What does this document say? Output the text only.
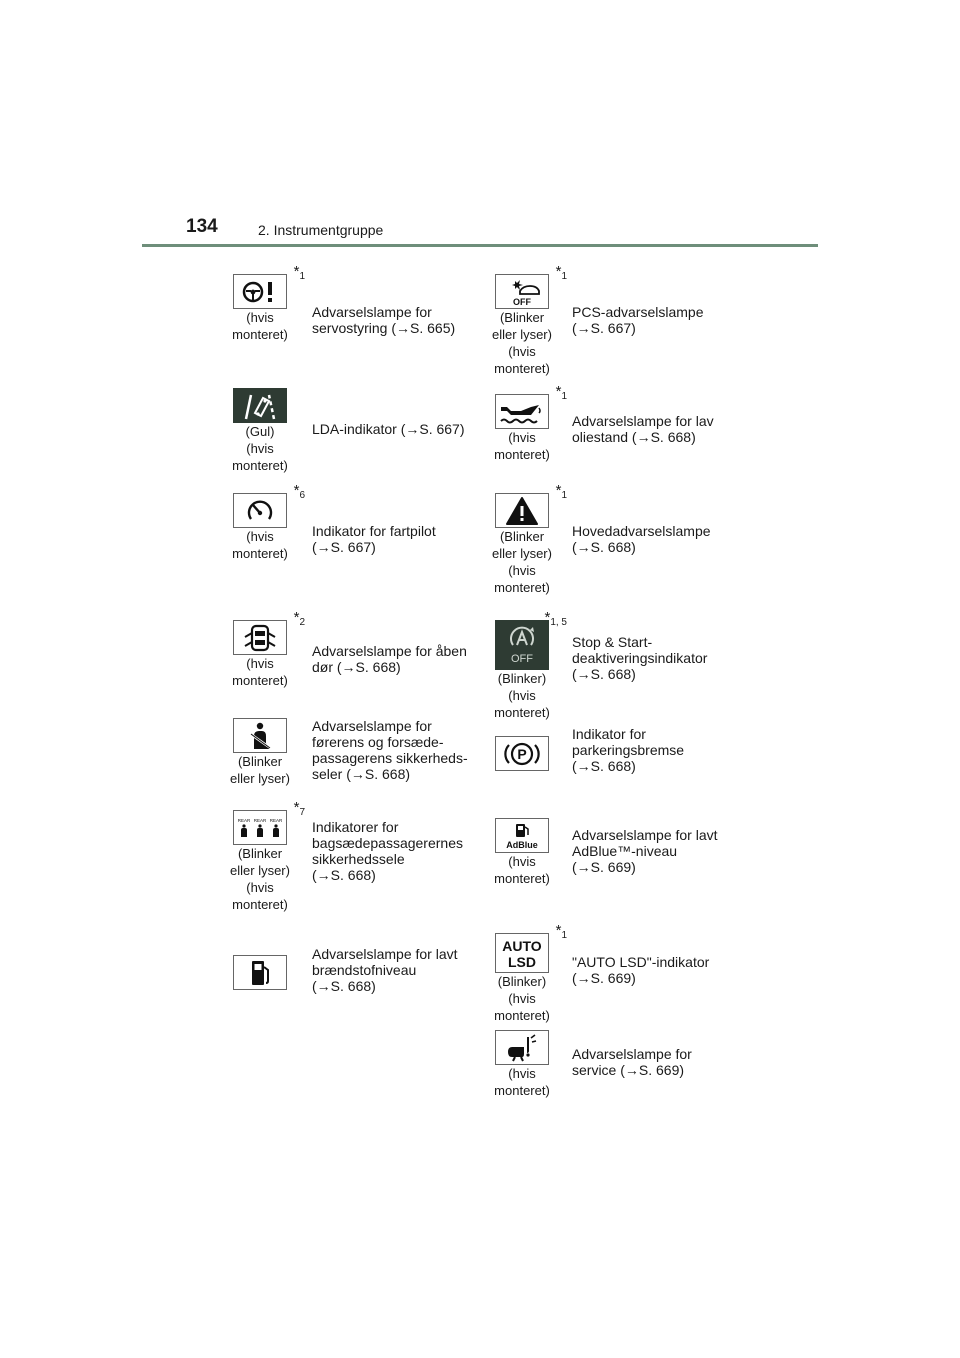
134	2. Instrumentgruppe
$*_1$
(hvis
monteret)
Advarselslampe for
servostyring (→S. 665)
$*_1$
OFF
(Blinker
eller lyser)
(hvis
monteret)
PCS-advarselslampe
(→S. 667)
(Gul)
(hvis
monteret)
LDA-indikator (→S. 667)
$*_1$
(hvis
monteret)
Advarselslampe for lav
oliestand (→S. 668)
$*_6$
(hvis
monteret)
Indikator for fartpilot
(→S. 667)
$*_1$
(Blinker
eller lyser)
(hvis
monteret)
Hovedadvarselslampe
(→S. 668)
$*_2$
(hvis
monteret)
Advarselslampe for åben
dør (→S. 668)
$*_{1, 5}$
OFF
(Blinker)
(hvis
monteret)
Stop & Start-
deaktiveringsindikator
(→S. 668)
(Blinker
eller lyser)
Advarselslampe for
førerens og forsæde-
passagerens sikkerheds-
seler (→S. 668)
P
Indikator for
parkeringsbremse
(→S. 668)
$*_7$
REAR REAR REAR
(Blinker
eller lyser)
(hvis
monteret)
Indikatorer for
bagsædepassagerernes
sikkerhedssele
(→S. 668)
AdBlue
(hvis
monteret)
Advarselslampe for lavt
AdBlue™-niveau
(→S. 669)
Advarselslampe for lavt
brændstofniveau
(→S. 668)
$*_1$
AUTO
LSD
(Blinker)
(hvis
monteret)
"AUTO LSD"-indikator
(→S. 669)
(hvis
monteret)
Advarselslampe for
service (→S. 669)
